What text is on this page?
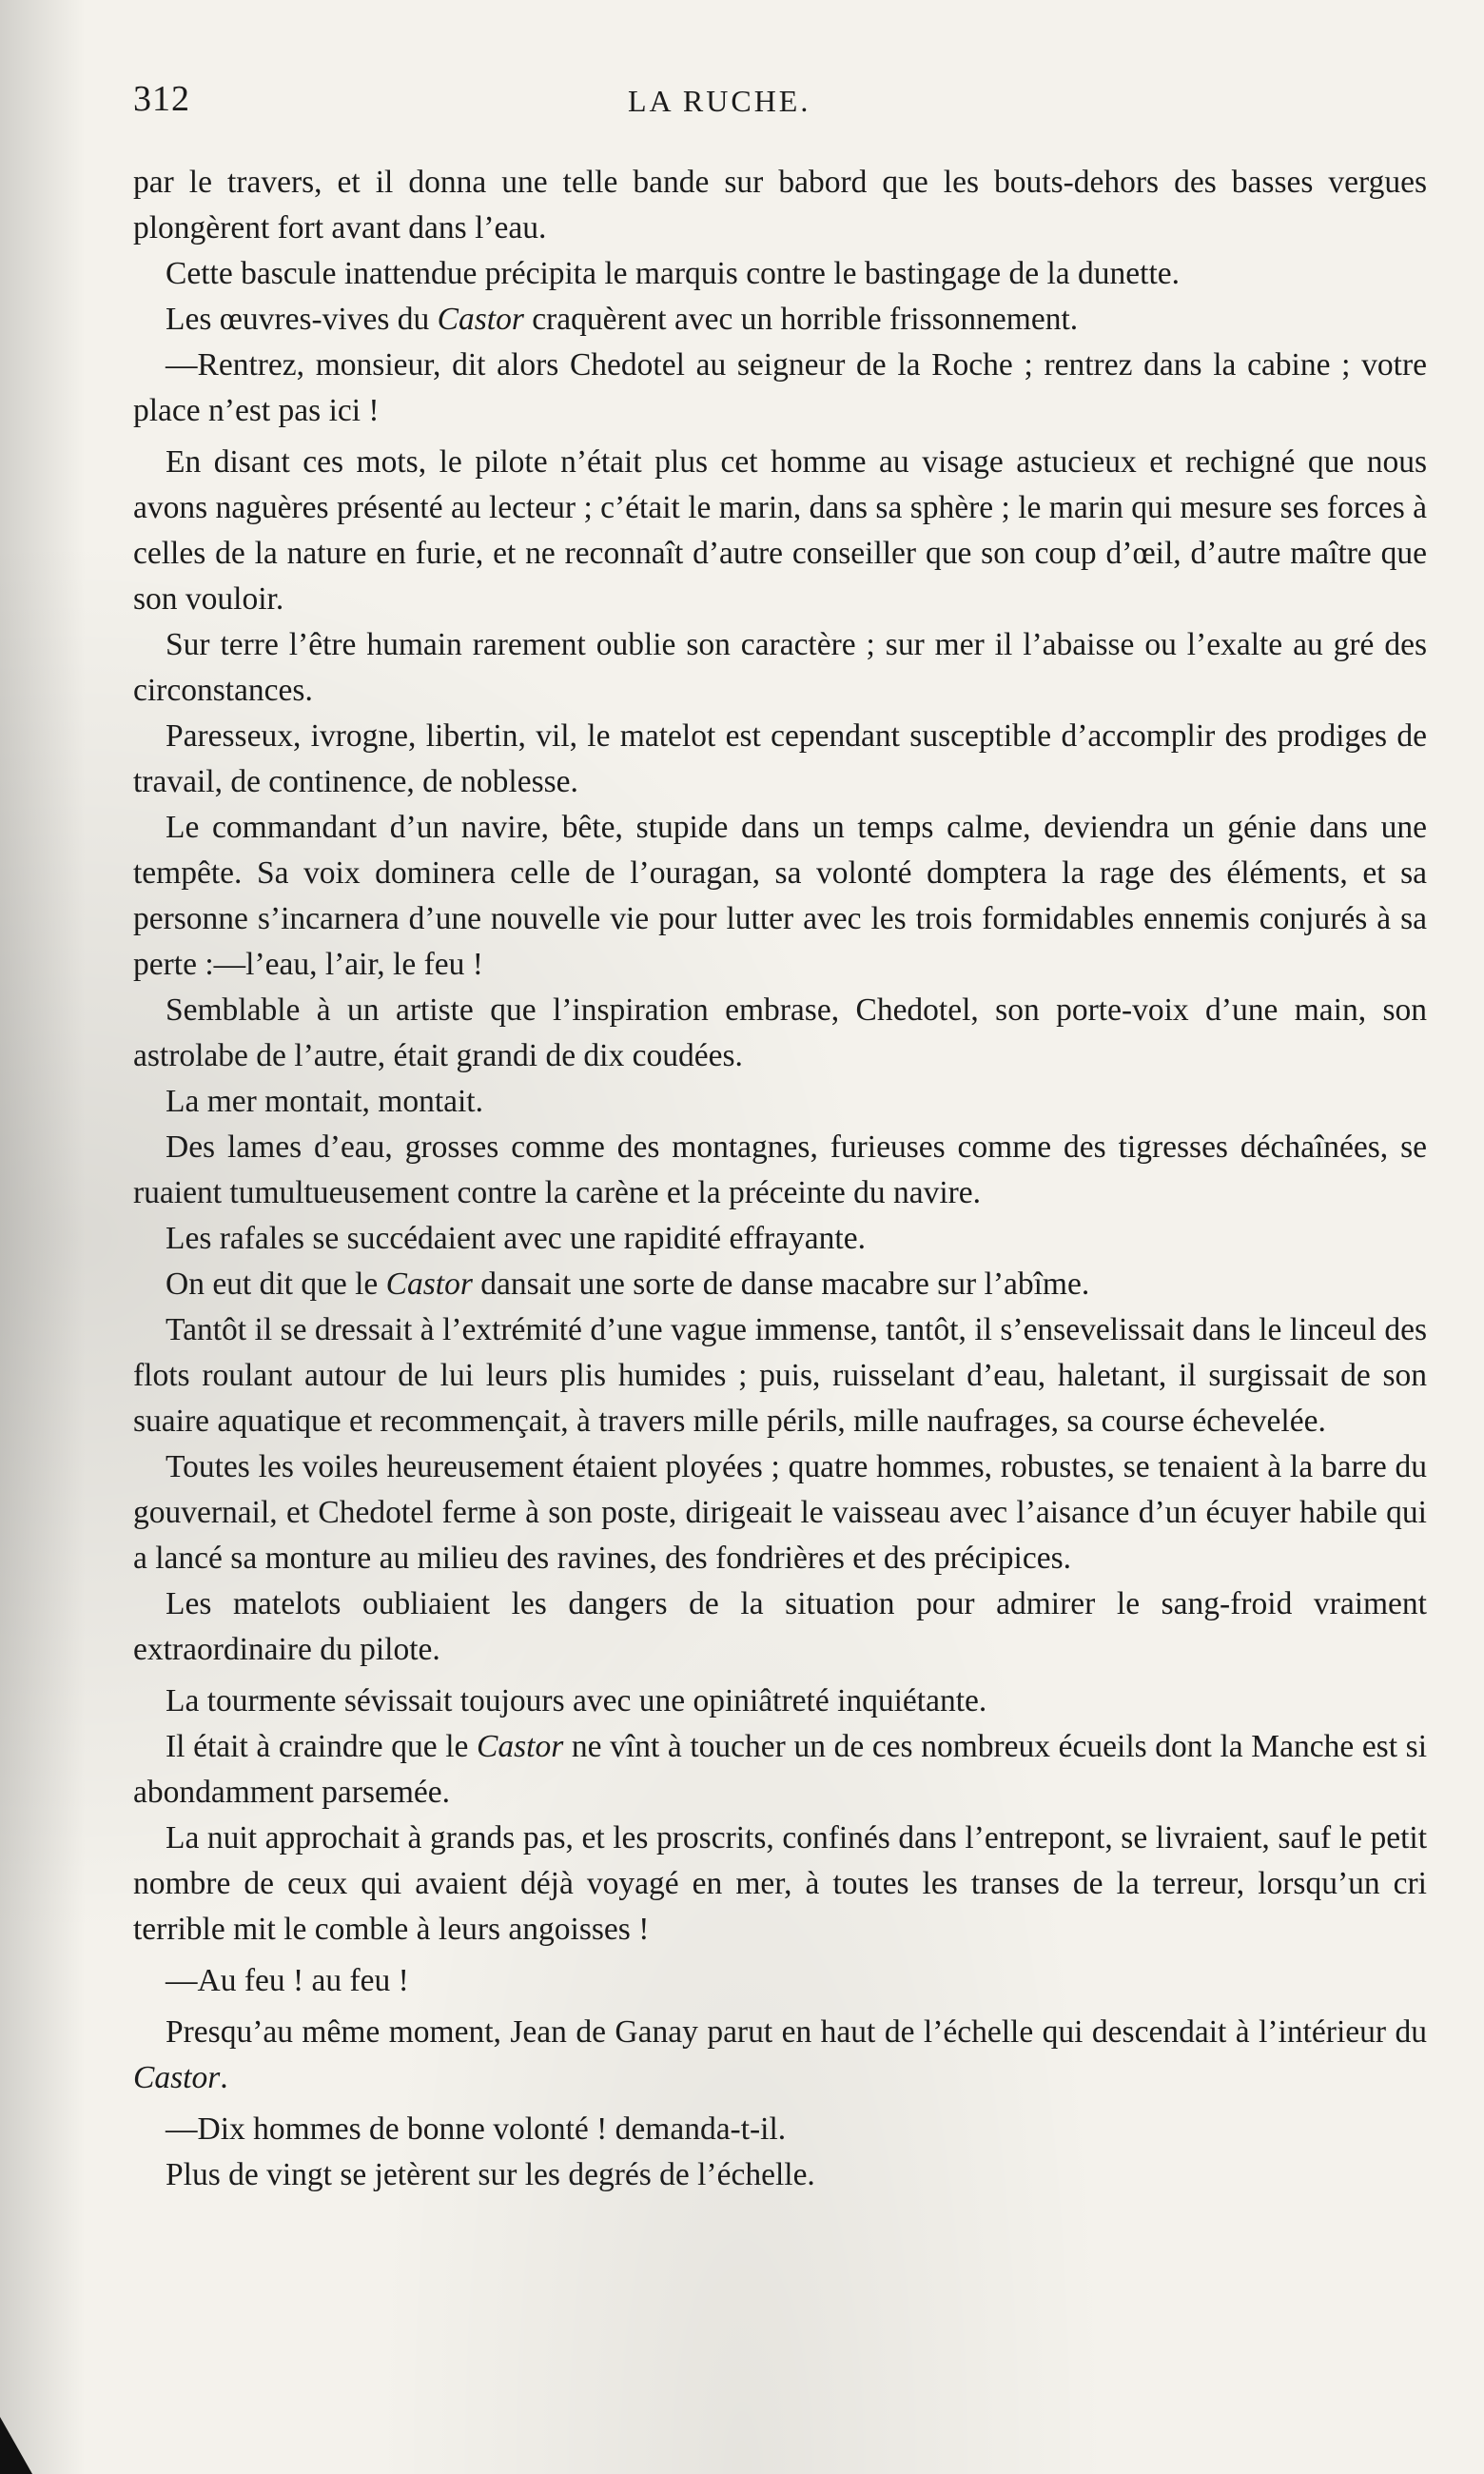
312	LA RUCHE.

par le travers, et il donna une telle bande sur babord que les bouts-dehors des basses vergues plongèrent fort avant dans l’eau.

Cette bascule inattendue précipita le marquis contre le bastingage de la dunette.

Les œuvres-vives du Castor craquèrent avec un horrible frissonnement.

—Rentrez, monsieur, dit alors Chedotel au seigneur de la Roche ; rentrez dans la cabine ; votre place n’est pas ici !

En disant ces mots, le pilote n’était plus cet homme au visage astucieux et rechigné que nous avons naguères présenté au lecteur ; c’était le marin, dans sa sphère ; le marin qui mesure ses forces à celles de la nature en furie, et ne reconnaît d’autre conseiller que son coup d’œil, d’autre maître que son vouloir.

Sur terre l’être humain rarement oublie son caractère ; sur mer il l’abaisse ou l’exalte au gré des circonstances.

Paresseux, ivrogne, libertin, vil, le matelot est cependant susceptible d’accomplir des prodiges de travail, de continence, de noblesse.

Le commandant d’un navire, bête, stupide dans un temps calme, deviendra un génie dans une tempête. Sa voix dominera celle de l’ouragan, sa volonté domptera la rage des éléments, et sa personne s’incarnera d’une nouvelle vie pour lutter avec les trois formidables ennemis conjurés à sa perte :—l’eau, l’air, le feu !

Semblable à un artiste que l’inspiration embrase, Chedotel, son porte-voix d’une main, son astrolabe de l’autre, était grandi de dix coudées.

La mer montait, montait.

Des lames d’eau, grosses comme des montagnes, furieuses comme des tigresses déchaînées, se ruaient tumultueusement contre la carène et la préceinte du navire.

Les rafales se succédaient avec une rapidité effrayante.

On eut dit que le Castor dansait une sorte de danse macabre sur l’abîme.

Tantôt il se dressait à l’extrémité d’une vague immense, tantôt, il s’ensevelissait dans le linceul des flots roulant autour de lui leurs plis humides ; puis, ruisselant d’eau, haletant, il surgissait de son suaire aquatique et recommençait, à travers mille périls, mille naufrages, sa course échevelée.

Toutes les voiles heureusement étaient ployées ; quatre hommes, robustes, se tenaient à la barre du gouvernail, et Chedotel ferme à son poste, dirigeait le vaisseau avec l’aisance d’un écuyer habile qui a lancé sa monture au milieu des ravines, des fondrières et des précipices.

Les matelots oubliaient les dangers de la situation pour admirer le sang-froid vraiment extraordinaire du pilote.

La tourmente sévissait toujours avec une opiniâtreté inquiétante.

Il était à craindre que le Castor ne vînt à toucher un de ces nombreux écueils dont la Manche est si abondamment parsemée.

La nuit approchait à grands pas, et les proscrits, confinés dans l’entrepont, se livraient, sauf le petit nombre de ceux qui avaient déjà voyagé en mer, à toutes les transes de la terreur, lorsqu’un cri terrible mit le comble à leurs angoisses !

—Au feu ! au feu !

Presqu’au même moment, Jean de Ganay parut en haut de l’échelle qui descendait à l’intérieur du Castor.

—Dix hommes de bonne volonté ! demanda-t-il.

Plus de vingt se jetèrent sur les degrés de l’échelle.
